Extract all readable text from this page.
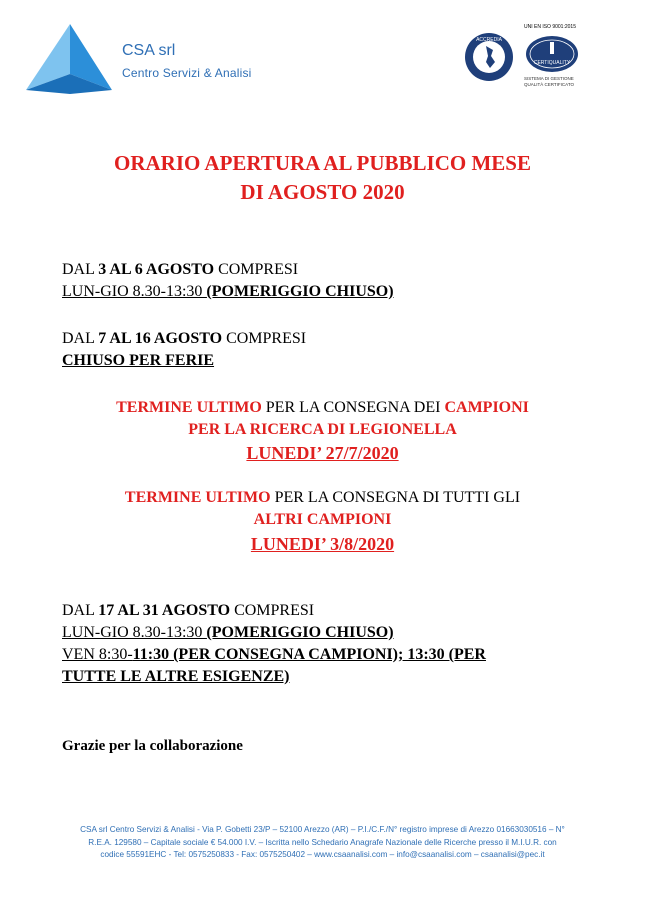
CSA srl
Centro Servizi & Analisi
ACCREDIA
UNI EN ISO 9001:2015
CERTIQUALITY
SISTEMA DI GESTIONE
QUALITÀ CERTIFICATO
ORARIO APERTURA AL PUBBLICO MESE
DI AGOSTO 2020
DAL 3 AL 6 AGOSTO COMPRESI
LUN-GIO 8.30-13:30 (POMERIGGIO CHIUSO)
DAL 7 AL 16 AGOSTO COMPRESI
CHIUSO PER FERIE
TERMINE ULTIMO PER LA CONSEGNA DEI CAMPIONI
PER LA RICERCA DI LEGIONELLA
LUNEDI’ 27/7/2020
TERMINE ULTIMO PER LA CONSEGNA DI TUTTI GLI
ALTRI CAMPIONI
LUNEDI’ 3/8/2020
DAL 17 AL 31 AGOSTO COMPRESI
LUN-GIO 8.30-13:30 (POMERIGGIO CHIUSO)
VEN 8:30-11:30 (PER CONSEGNA CAMPIONI); 13:30 (PER
TUTTE LE ALTRE ESIGENZE)
Grazie per la collaborazione
CSA srl Centro Servizi & Analisi - Via P. Gobetti 23/P – 52100 Arezzo (AR) – P.I./C.F./N° registro imprese di Arezzo 01663030516 – N°
R.E.A. 129580 – Capitale sociale € 54.000 I.V. – Iscritta nello Schedario Anagrafe Nazionale delle Ricerche presso il M.I.U.R. con
codice 55591EHC - Tel: 0575250833 - Fax: 0575250402 – www.csaanalisi.com – info@csaanalisi.com – csaanalisi@pec.it
